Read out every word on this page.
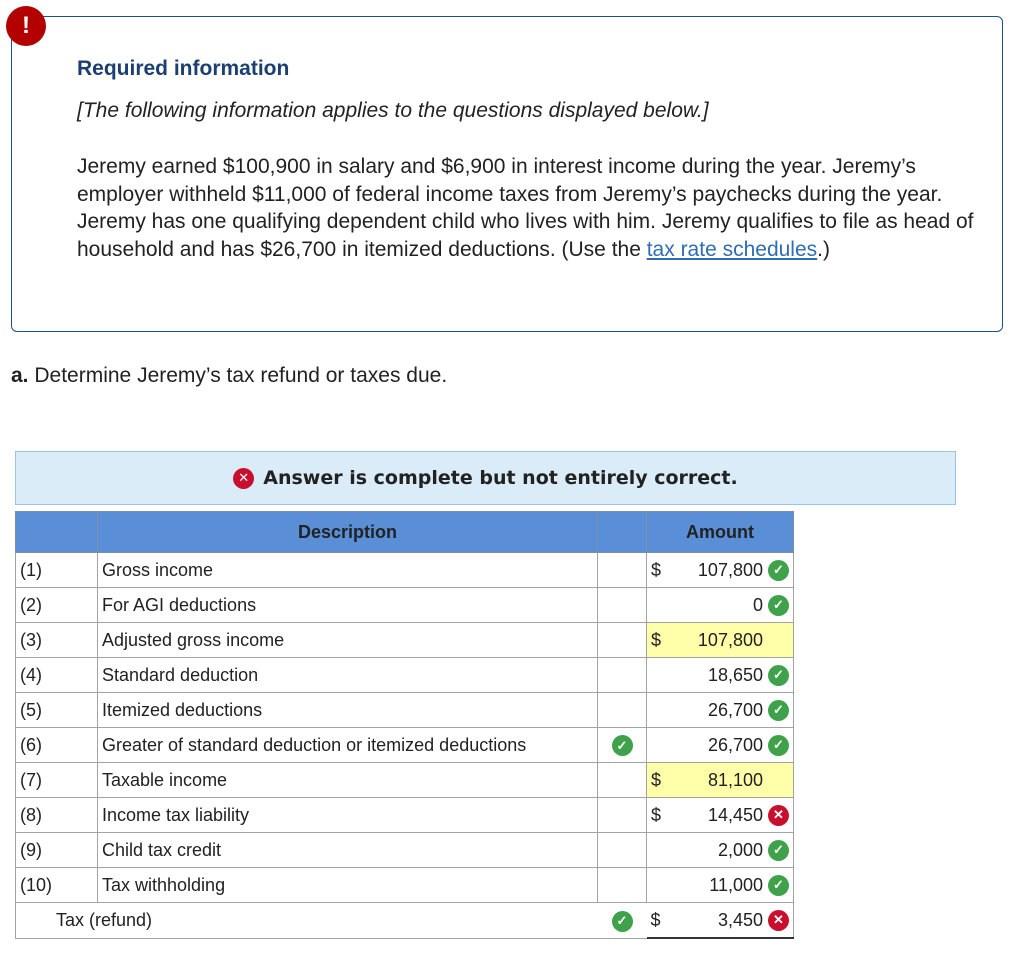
!
Required information
[The following information applies to the questions displayed below.]
Jeremy earned $100,900 in salary and $6,900 in interest income during the year. Jeremy’s employer withheld $11,000 of federal income taxes from Jeremy’s paychecks during the year. Jeremy has one qualifying dependent child who lives with him. Jeremy qualifies to file as head of household and has $26,700 in itemized deductions. (Use the tax rate schedules.)
a. Determine Jeremy’s tax refund or taxes due.
✕ Answer is complete but not entirely correct.
	Description		Amount
(1)	Gross income		$ 107,800 ✓

(2)	For AGI deductions		0 ✓

(3)	Adjusted gross income		$ 107,800

(4)	Standard deduction		18,650 ✓

(5)	Itemized deductions		26,700 ✓

(6)	Greater of standard deduction or itemized deductions	✓	26,700 ✓

(7)	Taxable income		$ 81,100

(8)	Income tax liability		$ 14,450 ✕

(9)	Child tax credit		2,000 ✓

(10)	Tax withholding		11,000 ✓

Tax (refund)		✓	$ 3,450 ✕
